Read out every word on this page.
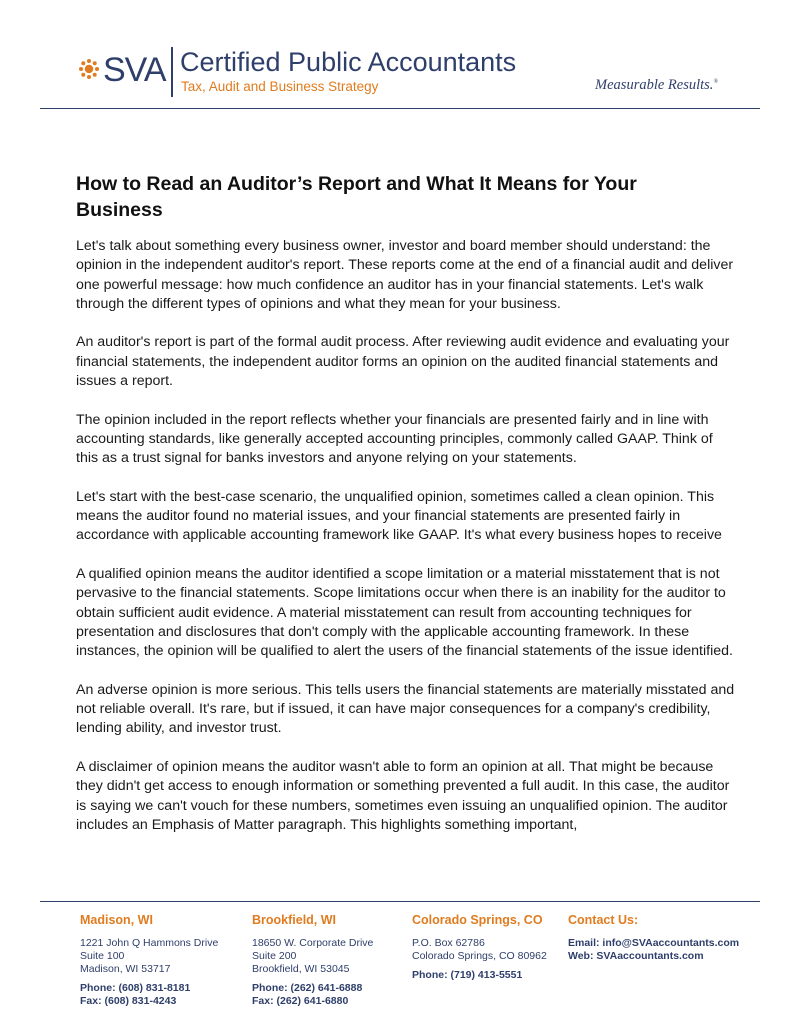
SVA Certified Public Accountants
Tax, Audit and Business Strategy	Measurable Results.®
How to Read an Auditor’s Report and What It Means for Your Business

Let's talk about something every business owner, investor and board member should understand: the opinion in the independent auditor's report. These reports come at the end of a financial audit and deliver one powerful message: how much confidence an auditor has in your financial statements. Let's walk through the different types of opinions and what they mean for your business.

An auditor's report is part of the formal audit process. After reviewing audit evidence and evaluating your financial statements, the independent auditor forms an opinion on the audited financial statements and issues a report.

The opinion included in the report reflects whether your financials are presented fairly and in line with accounting standards, like generally accepted accounting principles, commonly called GAAP. Think of this as a trust signal for banks investors and anyone relying on your statements.

Let's start with the best-case scenario, the unqualified opinion, sometimes called a clean opinion. This means the auditor found no material issues, and your financial statements are presented fairly in accordance with applicable accounting framework like GAAP. It's what every business hopes to receive

A qualified opinion means the auditor identified a scope limitation or a material misstatement that is not pervasive to the financial statements. Scope limitations occur when there is an inability for the auditor to obtain sufficient audit evidence. A material misstatement can result from accounting techniques for presentation and disclosures that don't comply with the applicable accounting framework. In these instances, the opinion will be qualified to alert the users of the financial statements of the issue identified.

An adverse opinion is more serious. This tells users the financial statements are materially misstated and not reliable overall. It's rare, but if issued, it can have major consequences for a company's credibility, lending ability, and investor trust.

A disclaimer of opinion means the auditor wasn't able to form an opinion at all. That might be because they didn't get access to enough information or something prevented a full audit. In this case, the auditor is saying we can't vouch for these numbers, sometimes even issuing an unqualified opinion. The auditor includes an Emphasis of Matter paragraph. This highlights something important,

Madison, WI
1221 John Q Hammons Drive
Suite 100
Madison, WI 53717
Phone: (608) 831-8181
Fax: (608) 831-4243
Brookfield, WI
18650 W. Corporate Drive
Suite 200
Brookfield, WI 53045
Phone: (262) 641-6888
Fax: (262) 641-6880
Colorado Springs, CO
P.O. Box 62786
Colorado Springs, CO 80962
Phone: (719) 413-5551
Contact Us:
Email: info@SVAaccountants.com
Web: SVAaccountants.com
